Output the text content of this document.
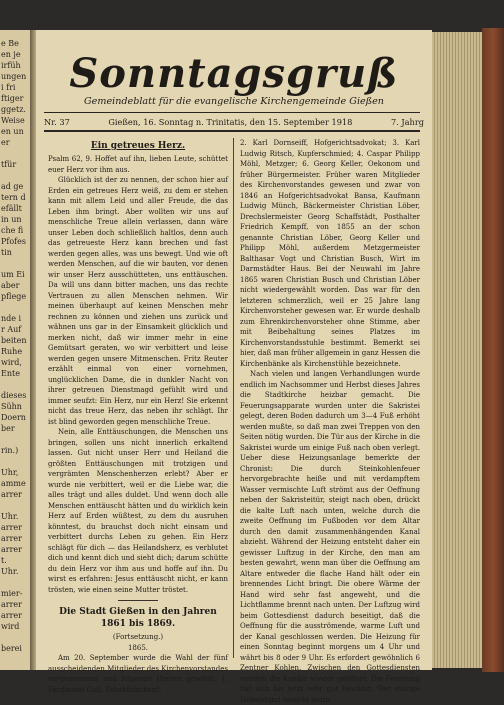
e Be
en je
irfüh
ungen
i fri
ftiger
ggetz.
Weise
en un
er
tfür
ad ge
tern d
efällt
in un
che fi
Pfofes
tin
um Ei
aber
pflege
nde i
r Auf
beiten
Ruhe
wird,
Ente
dieses
Sühn
Doern
ber
rin.)
Uhr,
amme
arrer
Uhr.
arrer
arrer
arrer
t.
Uhr.
mier-
arrer
arrer
wird
berei
Sonntagsgruß
Gemeindeblatt für die evangelische Kirchengemeinde Gießen
Nr. 37	Gießen, 16. Sonntag n. Trinitatis, den 15. September 1918	7. Jahrg
Ein getreues Herz.

Psalm 62, 9. Hoffet auf ihn, lieben Leute, schüttet euer Herz vor ihm aus.

Glücklich ist der zu nennen, der schon hier auf Erden ein getreues Herz weiß, zu dem er stehen kann mit allem Leid und aller Freude, die das Leben ihm bringt. Aber wollten wir uns auf menschliche Treue allein verlassen, dann wäre unser Leben doch schließlich haltlos, denn auch das getreueste Herz kann brechen und fast werden gegen alles, was uns bewegt. Und wie oft werden Menschen, auf die wir bauten, vor denen wir unser Herz ausschütteten, uns enttäuschen. Da will uns dann bitter machen, uns das rechte Vertrauen zu allen Menschen nehmen. Wir meinen überhaupt auf keinen Menschen mehr rechnen zu können und ziehen uns zurück und wähnen uns gar in der Einsamkeit glücklich und merken nicht, daß wir immer mehr in eine Gemütsart geraten, wo wir verbittert und leise werden gegen unsere Mitmenschen. Fritz Reuter erzählt einmal von einer vornehmen, unglücklichen Dame, die in dunkler Nacht von ihrer getreuen Dienstmagd gefühlt wird und immer seufzt: Ein Herz, nur ein Herz! Sie erkennt nicht das treue Herz, das neben ihr schlägt. Ihr ist blind geworden gegen menschliche Treue.

Nein, alle Enttäuschungen, die Menschen uns bringen, sollen uns nicht innerlich erkaltend lassen. Gut nicht unser Herr und Heiland die größten Enttäuschungen mit trotzigen und vergrämten Menschenherzen erlebt? Aber er wurde nie verbittert, weil er die Liebe war, die alles trägt und alles duldet. Und wenn doch alle Menschen enttäuscht hätten und du wirklich kein Herz auf Erden wüßtest, zu dem du ausruhen könntest, du brauchst doch nicht einsam und verbittert durchs Leben zu gehen. Ein Herz schlägt für dich — das Heilandsherz, es verblutet dich und kennt dich und sieht dich; darum schütte du dein Herz vor ihm aus und hoffe auf ihn. Du wirst es erfahren: Jesus enttäuscht nicht, er kann trösten, wie einen seine Mutter tröstet.

Die Stadt Gießen in den Jahren 1861 bis 1869.
(Fortsetzung.)
1865.

Am 20. September wurde die Wahl der fünf ausscheidenden Mitglieder des Kirchenvorstandes vorgenommen und folgende Herren gewählt: 1. Ferdinand Gail, Tabakfabrikant;

2. Karl Dornseiff, Hofgerichtsadvokat; 3. Karl Ludwig Ritsch, Kupferschmied; 4. Caspar Philipp Möhl, Metzger; 6. Georg Keller, Oekonom und früher Bürgermeister. Früher waren Mitglieder des Kirchenvorstandes gewesen und zwar von 1846 an Hofgerichtsadvokat Bansa, Kaufmann Ludwig Münch, Bäckermeister Christian Löber, Drechslermeister Georg Schaffstädt, Posthalter Friedrich Kempff, von 1855 an der schon genannte Christian Löber, Georg Keller und Philipp Möhl, außerdem Metzgermeister Balthasar Vogt und Christian Busch, Wirt im Darmstädter Haus. Bei der Neuwahl im Jahre 1865 waren Christian Busch und Christian Löber nicht wiedergewählt worden. Das war für den letzteren schmerzlich, weil er 25 Jahre lang Kirchenvorsteher gewesen war. Er wurde deshalb zum Ehrenkirchenvorsteher ohne Stimme, aber mit Beibehaltung seines Platzes im Kirchenvorstandsstuhle bestimmt. Bemerkt sei hier, daß man früher allgemein in ganz Hessen die Kirchenbänke als Kirchenstühle bezeichnete.

Nach vielen und langen Verhandlungen wurde endlich im Nachsommer und Herbst dieses Jahres die Stadtkirche heizbar gemacht. Die Feuerungsapparate wurden unter die Sakristei gelegt, deren Boden dadurch um 3—4 Fuß erhöht werden mußte, so daß man zwei Treppen von den Seiten nötig wurden. Die Tür aus der Kirche in die Sakristei wurde um einige Fuß nach oben verlegt. Ueber diese Heizungsanlage bemerkte der Chronist: Die durch Steinkohlenfeuer hervorgebrachte heiße und mit verdampftem Wasser vermischte Luft strömt aus der Oeffnung neben der Sakristeitür, steigt nach oben, drückt die kalte Luft nach unten, welche durch die zweite Oeffnung im Fußboden vor dem Altar durch den damit zusammenhängenden Kanal abzieht. Während der Heizung entsteht daher ein gewisser Luftzug in der Kirche, den man am besten gewahrt, wenn man über die Oeffnung am Altare entweder die flache Hand hält oder ein brennendes Licht bringt. Die obere Wärme der Hand wird sehr fast angeweht, und die Lichtflamme brennt nach unten. Der Luftzug wird beim Gottesdienst dadurch beseitigt, daß die Oeffnung für die ausströmende, warme Luft und der Kanal geschlossen werden. Die Heizung für einen Sonntag beginnt morgens um 4 Uhr und währt bis 8 oder 9 Uhr. Es erfordert gewöhnlich 6 Zentner Kohlen. Zwischen den Gottesdiensten werden die Kanäle wieder geöffnet. Die Feuerung hat sich bis jetzt sehr gut bewährt. Der einzige Uebelstand besteht darin,
